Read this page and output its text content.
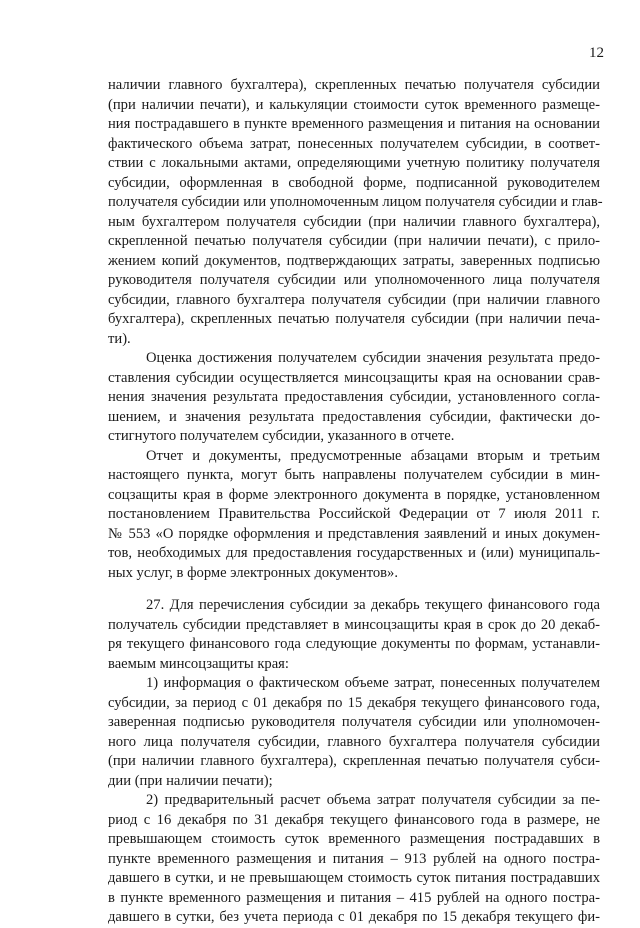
12
наличии главного бухгалтера), скрепленных печатью получателя субсидии
(при наличии печати), и калькуляции стоимости суток временного размеще-
ния пострадавшего в пункте временного размещения и питания на основании
фактического объема затрат, понесенных получателем субсидии, в соответ-
ствии с локальными актами, определяющими учетную политику получателя
субсидии, оформленная в свободной форме, подписанной руководителем
получателя субсидии или уполномоченным лицом получателя субсидии и глав-
ным бухгалтером получателя субсидии (при наличии главного бухгалтера),
скрепленной печатью получателя субсидии (при наличии печати), с прило-
жением копий документов, подтверждающих затраты, заверенных подписью
руководителя получателя субсидии или уполномоченного лица получателя
субсидии, главного бухгалтера получателя субсидии (при наличии главного
бухгалтера), скрепленных печатью получателя субсидии (при наличии печа-
ти).
Оценка достижения получателем субсидии значения результата предо-
ставления субсидии осуществляется минсоцзащиты края на основании срав-
нения значения результата предоставления субсидии, установленного согла-
шением, и значения результата предоставления субсидии, фактически до-
стигнутого получателем субсидии, указанного в отчете.
Отчет и документы, предусмотренные абзацами вторым и третьим
настоящего пункта, могут быть направлены получателем субсидии в мин-
соцзащиты края в форме электронного документа в порядке, установленном
постановлением Правительства Российской Федерации от 7 июля 2011 г.
№ 553 «О порядке оформления и представления заявлений и иных докумен-
тов, необходимых для предоставления государственных и (или) муниципаль-
ных услуг, в форме электронных документов».
27. Для перечисления субсидии за декабрь текущего финансового года
получатель субсидии представляет в минсоцзащиты края в срок до 20 декаб-
ря текущего финансового года следующие документы по формам, устанавли-
ваемым минсоцзащиты края:
1) информация о фактическом объеме затрат, понесенных получателем
субсидии, за период с 01 декабря по 15 декабря текущего финансового года,
заверенная подписью руководителя получателя субсидии или уполномочен-
ного лица получателя субсидии, главного бухгалтера получателя субсидии
(при наличии главного бухгалтера), скрепленная печатью получателя субси-
дии (при наличии печати);
2) предварительный расчет объема затрат получателя субсидии за пе-
риод с 16 декабря по 31 декабря текущего финансового года в размере, не
превышающем стоимость суток временного размещения пострадавших в
пункте временного размещения и питания – 913 рублей на одного постра-
давшего в сутки, и не превышающем стоимость суток питания пострадавших
в пункте временного размещения и питания – 415 рублей на одного постра-
давшего в сутки, без учета периода с 01 декабря по 15 декабря текущего фи-
